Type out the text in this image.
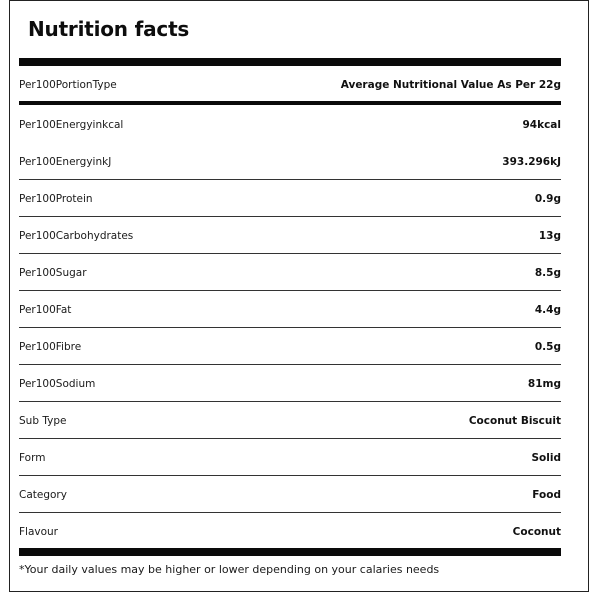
Nutrition facts
Per100PortionType	Average Nutritional Value As Per 22g
Per100Energyinkcal	94kcal
Per100EnergyinkJ	393.296kJ
Per100Protein	0.9g
Per100Carbohydrates	13g
Per100Sugar	8.5g
Per100Fat	4.4g
Per100Fibre	0.5g
Per100Sodium	81mg
Sub Type	Coconut Biscuit
Form	Solid
Category	Food
Flavour	Coconut
*Your daily values may be higher or lower depending on your calaries needs
